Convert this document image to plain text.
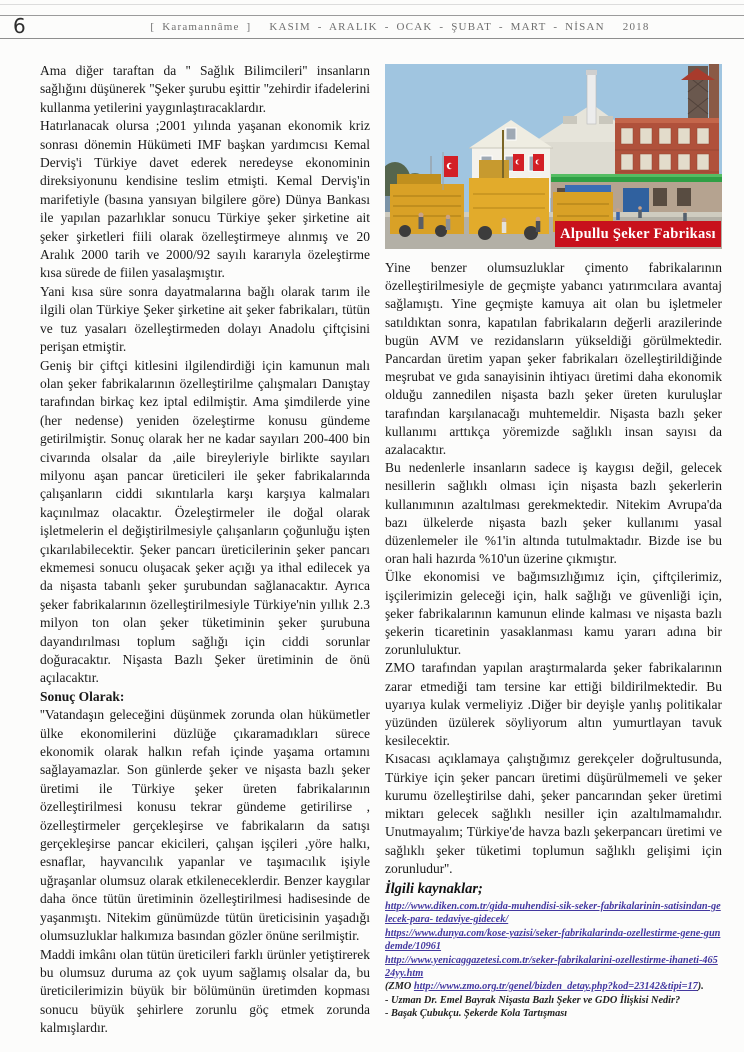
6	[ Karamannâme ] KASIM - ARALIK - OCAK - ŞUBAT - MART - NİSAN 2018

Ama diğer taraftan da '' Sağlık Bilimcileri'' insanların sağlığını düşünerek ''Şeker şurubu eşittir ''zehirdir ifadelerini kullanma yetilerini yaygınlaştıracaklardır.

Hatırlanacak olursa ;2001 yılında yaşanan ekonomik kriz sonrası dönemin Hükümeti IMF başkan yardımcısı Kemal Derviş'i Türkiye davet ederek neredeyse ekonominin direksiyonunu kendisine teslim etmişti. Kemal Derviş'in marifetiyle (basına yansıyan bilgilere göre) Dünya Bankası ile yapılan pazarlıklar sonucu Türkiye şeker şirketine ait şeker şirketleri fiili olarak özelleştirmeye alınmış ve 20 Aralık 2000 tarih ve 2000/92 sayılı kararıyla özeleştirme kısa sürede de fiilen yasalaşmıştır.

Yani kısa süre sonra dayatmalarına bağlı olarak tarım ile ilgili olan Türkiye Şeker şirketine ait şeker fabrikaları, tütün ve tuz yasaları özelleştirmeden dolayı Anadolu çiftçisini perişan etmiştir.

Geniş bir çiftçi kitlesini ilgilendirdiği için kamunun malı olan şeker fabrikalarının özelleştirilme çalışmaları Danıştay tarafından birkaç kez iptal edilmiştir. Ama şimdilerde yine (her nedense) yeniden özeleştirme konusu gündeme getirilmiştir. Sonuç olarak her ne kadar sayıları 200-400 bin civarında olsalar da ,aile bireyleriyle birlikte sayıları milyonu aşan pancar üreticileri ile şeker fabrikalarında çalışanların ciddi sıkıntılarla karşı karşıya kalmaları kaçınılmaz olacaktır. Özeleştirmeler ile doğal olarak işletmelerin el değiştirilmesiyle çalışanların çoğunluğu işten çıkarılabilecektir. Şeker pancarı üreticilerinin şeker pancarı ekmemesi sonucu oluşacak şeker açığı ya ithal edilecek ya da nişasta tabanlı şeker şurubundan sağlanacaktır. Ayrıca şeker fabrikalarının özelleştirilmesiyle Türkiye'nin yıllık 2.3 milyon ton olan şeker tüketiminin şeker şurubuna dayandırılması toplum sağlığı için ciddi sorunlar doğuracaktır. Nişasta Bazlı Şeker üretiminin de önü açılacaktır.

Sonuç Olarak:

''Vatandaşın geleceğini düşünmek zorunda olan hükümetler ülke ekonomilerini düzlüğe çıkaramadıkları sürece ekonomik olarak halkın refah içinde yaşama ortamını sağlayamazlar. Son günlerde şeker ve nişasta bazlı şeker üretimi ile Türkiye şeker üreten fabrikalarının özelleştirilmesi konusu tekrar gündeme getirilirse , özelleştirmeler gerçekleşirse ve fabrikaların da satışı gerçekleşirse pancar ekicileri, çalışan işçileri ,yöre halkı, esnaflar, hayvancılık yapanlar ve taşımacılık işiyle uğraşanlar olumsuz olarak etkileneceklerdir. Benzer kaygılar daha önce tütün üretiminin özelleştirilmesi hadisesinde de yaşanmıştı. Nitekim günümüzde tütün üreticisinin yaşadığı olumsuzluklar halkımıza basından gözler önüne serilmiştir.

Maddi imkânı olan tütün üreticileri farklı ürünler yetiştirerek bu olumsuz duruma az çok uyum sağlamış olsalar da, bu üreticilerimizin büyük bir bölümünün üretimden kopması sonucu büyük şehirlere zorunlu göç etmek zorunda kalmışlardır.

Alpullu Şeker Fabrikası

Yine benzer olumsuzluklar çimento fabrikalarının özelleştirilmesiyle de geçmişte yabancı yatırımcılara avantaj sağlamıştı. Yine geçmişte kamuya ait olan bu işletmeler satıldıktan sonra, kapatılan fabrikaların değerli arazilerinde bugün AVM ve rezidansların yükseldiği görülmektedir. Pancardan üretim yapan şeker fabrikaları özelleştirildiğinde meşrubat ve gıda sanayisinin ihtiyacı üretimi daha ekonomik olduğu zannedilen nişasta bazlı şeker üreten kuruluşlar tarafından karşılanacağı muhtemeldir. Nişasta bazlı şeker kullanımı arttıkça yöremizde sağlıklı insan sayısı da azalacaktır.

Bu nedenlerle insanların sadece iş kaygısı değil, gelecek nesillerin sağlıklı olması için nişasta bazlı şekerlerin kullanımının azaltılması gerekmektedir. Nitekim Avrupa'da bazı ülkelerde nişasta bazlı şeker kullanımı yasal düzenlemeler ile %1'in altında tutulmaktadır. Bizde ise bu oran hali hazırda %10'un üzerine çıkmıştır.

Ülke ekonomisi ve bağımsızlığımız için, çiftçilerimiz, işçilerimizin geleceği için, halk sağlığı ve güvenliği için, şeker fabrikalarının kamunun elinde kalması ve nişasta bazlı şekerin ticaretinin yasaklanması kamu yararı adına bir zorunluluktur.

ZMO tarafından yapılan araştırmalarda şeker fabrikalarının zarar etmediği tam tersine kar ettiği bildirilmektedir. Bu uyarıya kulak vermeliyiz .Diğer bir deyişle yanlış politikalar yüzünden üzülerek söyliyorum altın yumurtlayan tavuk kesilecektir.

Kısacası açıklamaya çalıştığımız gerekçeler doğrultusunda, Türkiye için şeker pancarı üretimi düşürülmemeli ve şeker kurumu özelleştirilse dahi, şeker pancarından şeker üretimi miktarı gelecek sağlıklı nesiller için azaltılmamalıdır. Unutmayalım; Türkiye'de havza bazlı şekerpancarı üretimi ve sağlıklı şeker tüketimi toplumun sağlıklı gelişimi için zorunludur''.

İlgili kaynaklar;

http://www.diken.com.tr/gida-muhendisi-sik-seker-fabrikalarinin-satisindan-gelecek-para- tedaviye-gidecek/
https://www.dunya.com/kose-yazisi/seker-fabrikalarinda-ozellestirme-gene-gundemde/10961
http://www.yenicaggazetesi.com.tr/seker-fabrikalarini-ozellestirme-ihaneti-46524yy.htm
(ZMO http://www.zmo.org.tr/genel/bizden_detay.php?kod=23142&tipi=17).
- Uzman Dr. Emel Bayrak Nişasta Bazlı Şeker ve GDO İlişkisi Nedir?
- Başak Çubukçu. Şekerde Kola Tartışması
